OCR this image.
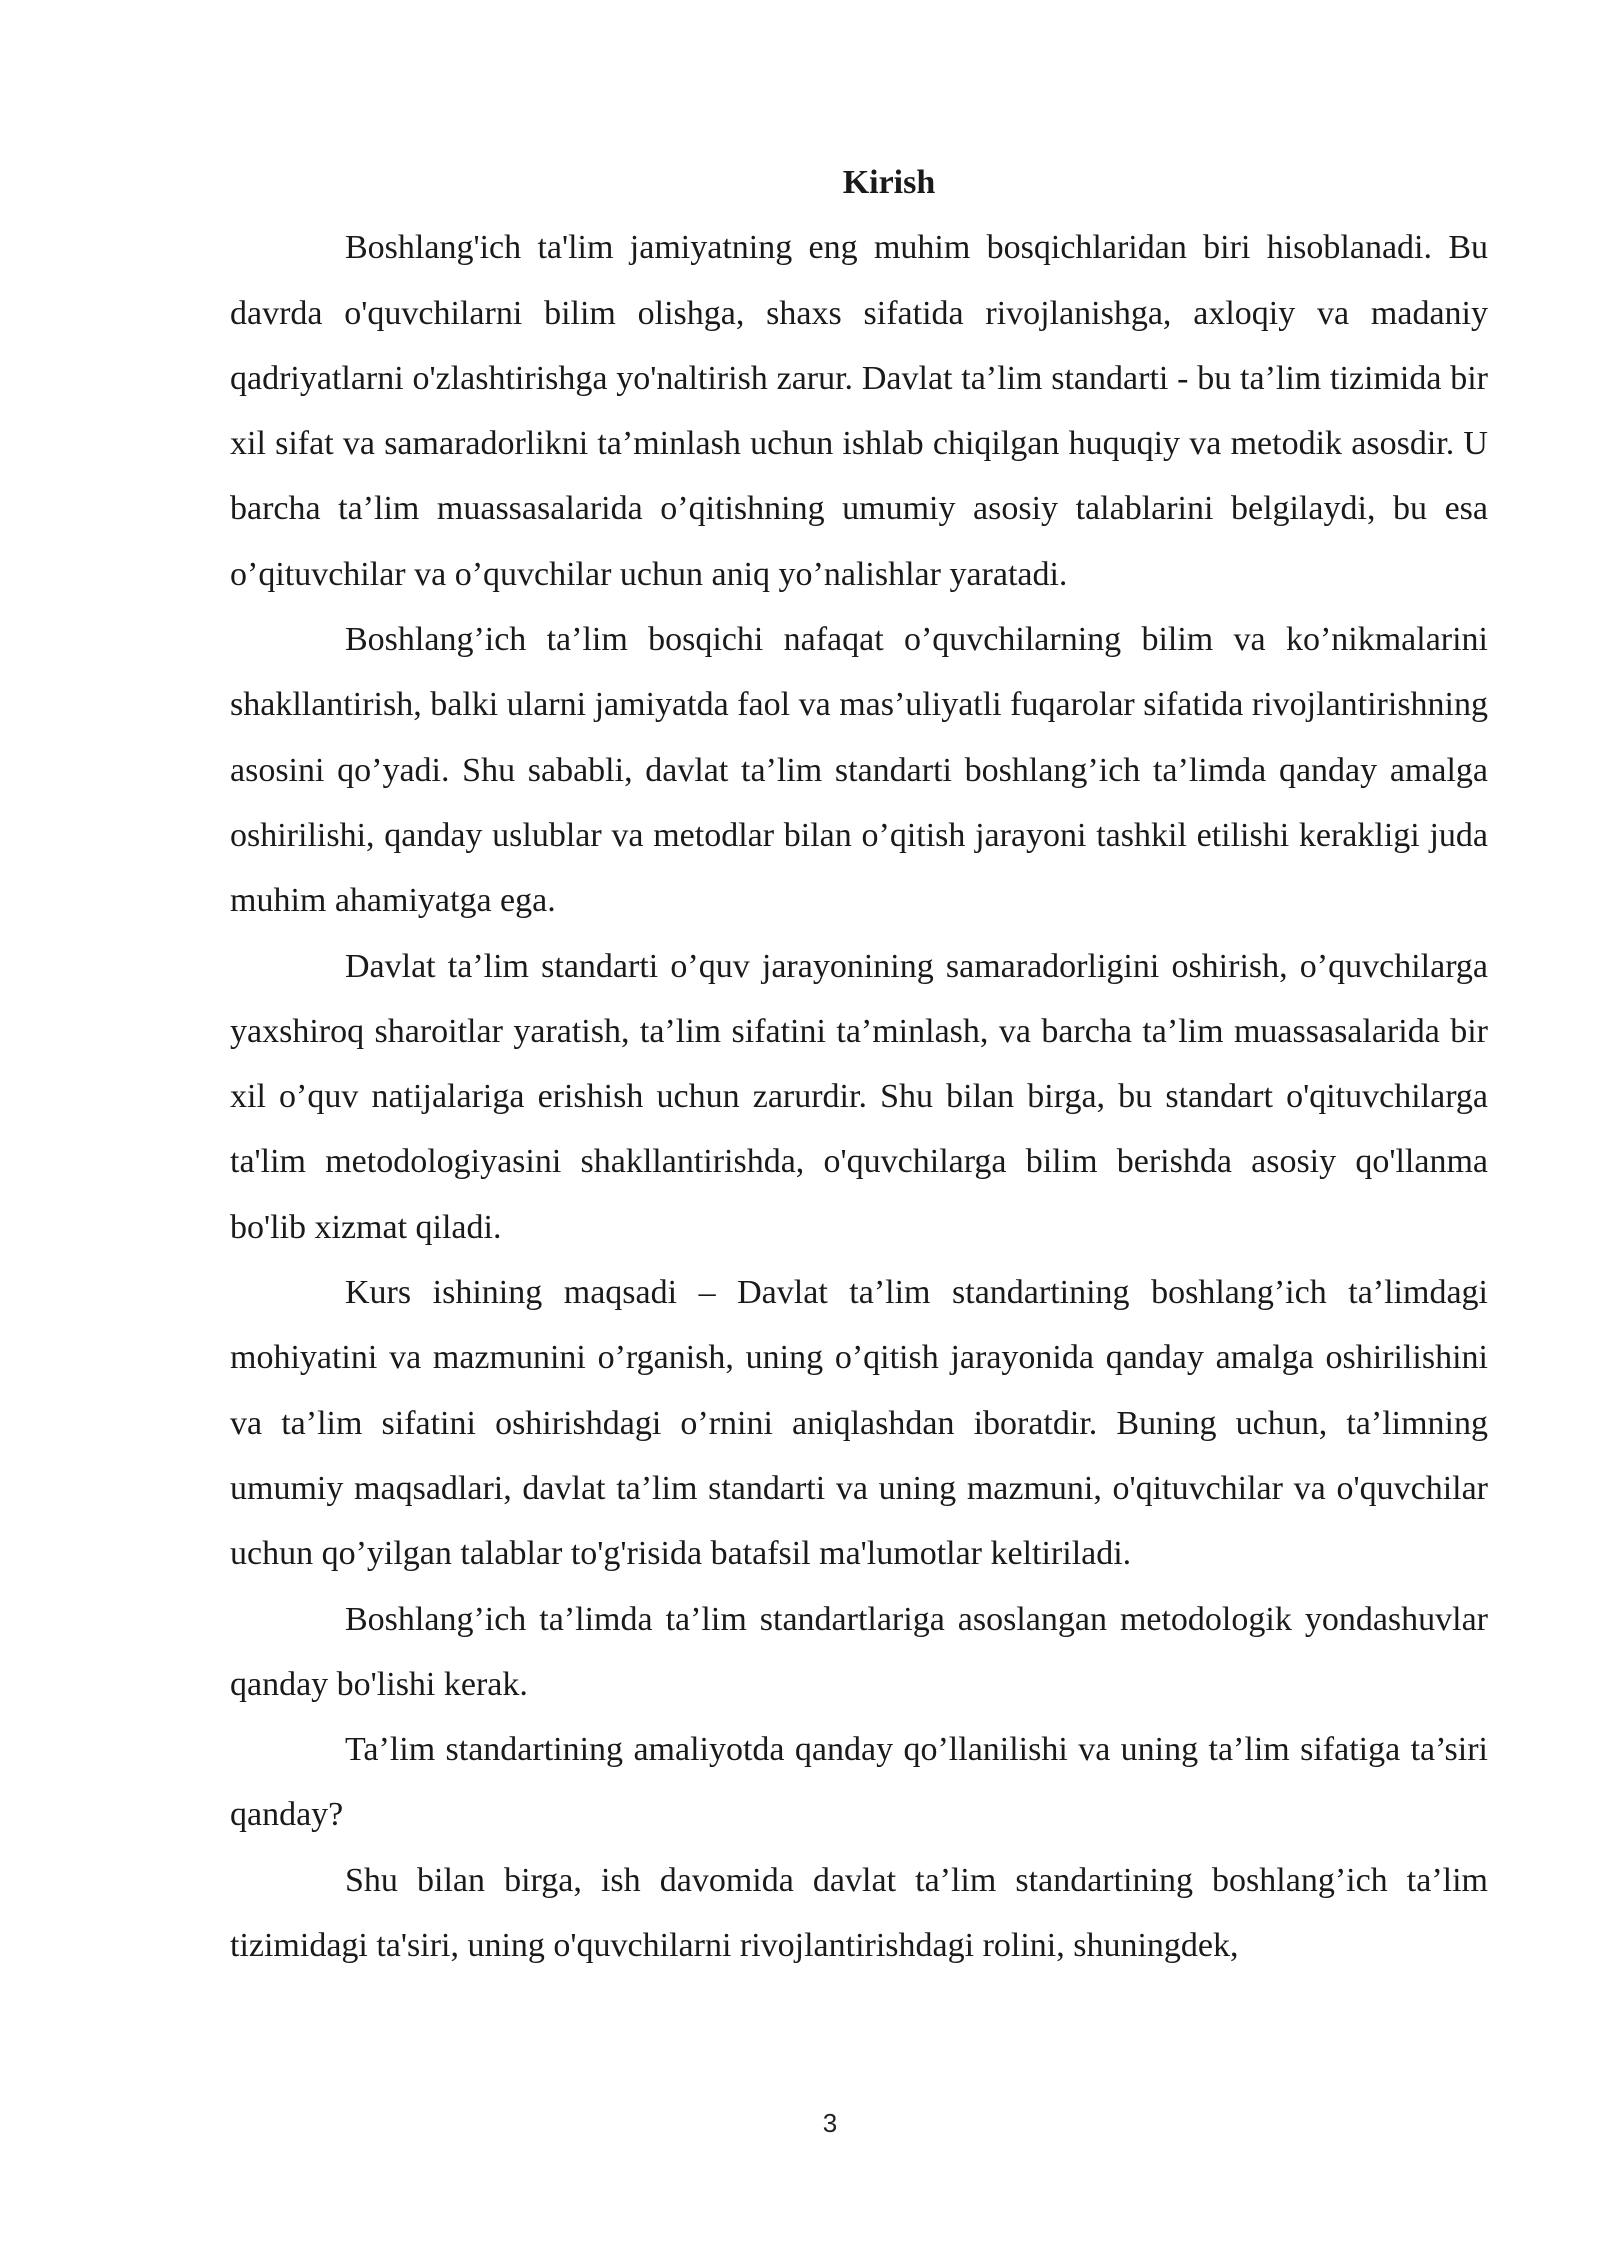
Kirish

Boshlang'ich ta'lim jamiyatning eng muhim bosqichlaridan biri hisoblanadi. Bu davrda o'quvchilarni bilim olishga, shaxs sifatida rivojlanishga, axloqiy va madaniy qadriyatlarni o'zlashtirishga yo'naltirish zarur. Davlat ta’lim standarti - bu ta’lim tizimida bir xil sifat va samaradorlikni ta’minlash uchun ishlab chiqilgan huquqiy va metodik asosdir. U barcha ta’lim muassasalarida o’qitishning umumiy asosiy talablarini belgilaydi, bu esa o’qituvchilar va o’quvchilar uchun aniq yo’nalishlar yaratadi.

Boshlang’ich ta’lim bosqichi nafaqat o’quvchilarning bilim va ko’nikmalarini shakllantirish, balki ularni jamiyatda faol va mas’uliyatli fuqarolar sifatida rivojlantirishning asosini qo’yadi. Shu sababli, davlat ta’lim standarti boshlang’ich ta’limda qanday amalga oshirilishi, qanday uslublar va metodlar bilan o’qitish jarayoni tashkil etilishi kerakligi juda muhim ahamiyatga ega.

Davlat ta’lim standarti o’quv jarayonining samaradorligini oshirish, o’quvchilarga yaxshiroq sharoitlar yaratish, ta’lim sifatini ta’minlash, va barcha ta’lim muassasalarida bir xil o’quv natijalariga erishish uchun zarurdir. Shu bilan birga, bu standart o'qituvchilarga ta'lim metodologiyasini shakllantirishda, o'quvchilarga bilim berishda asosiy qo'llanma bo'lib xizmat qiladi.

Kurs ishining maqsadi – Davlat ta’lim standartining boshlang’ich ta’limdagi mohiyatini va mazmunini o’rganish, uning o’qitish jarayonida qanday amalga oshirilishini va ta’lim sifatini oshirishdagi o’rnini aniqlashdan iboratdir. Buning uchun, ta’limning umumiy maqsadlari, davlat ta’lim standarti va uning mazmuni, o'qituvchilar va o'quvchilar uchun qo’yilgan talablar to'g'risida batafsil ma'lumotlar keltiriladi.

Boshlang’ich ta’limda ta’lim standartlariga asoslangan metodologik yondashuvlar qanday bo'lishi kerak.

Ta’lim standartining amaliyotda qanday qo’llanilishi va uning ta’lim sifatiga ta’siri qanday?

Shu bilan birga, ish davomida davlat ta’lim standartining boshlang’ich ta’lim tizimidagi ta'siri, uning o'quvchilarni rivojlantirishdagi rolini, shuningdek,

3
